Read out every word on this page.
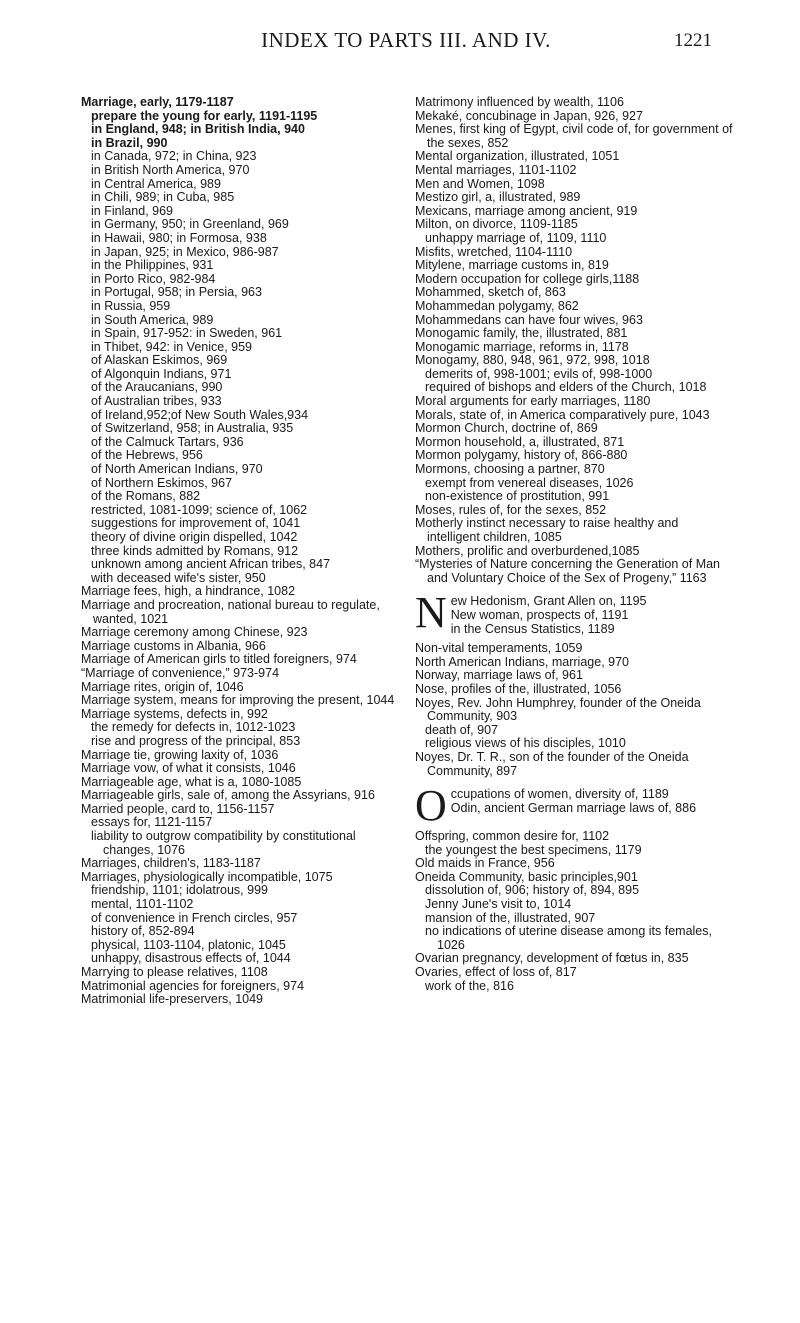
INDEX TO PARTS III. AND IV.	1221

Marriage, early, 1179-1187

prepare the young for early, 1191-1195

in England, 948; in British India, 940

in Brazil, 990

in Canada, 972; in China, 923

in British North America, 970

in Central America, 989

in Chili, 989; in Cuba, 985

in Finland, 969

in Germany, 950; in Greenland, 969

in Hawaii, 980; in Formosa, 938

in Japan, 925; in Mexico, 986-987

in the Philippines, 931

in Porto Rico, 982-984

in Portugal, 958; in Persia, 963

in Russia, 959

in South America, 989

in Spain, 917-952: in Sweden, 961

in Thibet, 942: in Venice, 959

of Alaskan Eskimos, 969

of Algonquin Indians, 971

of the Araucanians, 990

of Australian tribes, 933

of Ireland,952;of New South Wales,934

of Switzerland, 958; in Australia, 935

of the Calmuck Tartars, 936

of the Hebrews, 956

of North American Indians, 970

of Northern Eskimos, 967

of the Romans, 882

restricted, 1081-1099; science of, 1062

suggestions for improvement of, 1041

theory of divine origin dispelled, 1042

three kinds admitted by Romans, 912

unknown among ancient African tribes, 847

with deceased wife's sister, 950

Marriage fees, high, a hindrance, 1082

Marriage and procreation, national bureau to regulate, wanted, 1021

Marriage ceremony among Chinese, 923

Marriage customs in Albania, 966

Marriage of American girls to titled foreigners, 974

“Marriage of convenience,” 973-974

Marriage rites, origin of, 1046

Marriage system, means for improving the present, 1044

Marriage systems, defects in, 992

the remedy for defects in, 1012-1023

rise and progress of the principal, 853

Marriage tie, growing laxity of, 1036

Marriage vow, of what it consists, 1046

Marriageable age, what is a, 1080-1085

Marriageable girls, sale of, among the Assyrians, 916

Married people, card to, 1156-1157

essays for, 1121-1157

liability to outgrow compatibility by constitutional changes, 1076

Marriages, children's, 1183-1187

Marriages, physiologically incompatible, 1075

friendship, 1101; idolatrous, 999

mental, 1101-1102

of convenience in French circles, 957

history of, 852-894

physical, 1103-1104, platonic, 1045

unhappy, disastrous effects of, 1044

Marrying to please relatives, 1108

Matrimonial agencies for foreigners, 974

Matrimonial life-preservers, 1049

Matrimony influenced by wealth, 1106

Mekaké, concubinage in Japan, 926, 927

Menes, first king of Egypt, civil code of, for government of the sexes, 852

Mental organization, illustrated, 1051

Mental marriages, 1101-1102

Men and Women, 1098

Mestizo girl, a, illustrated, 989

Mexicans, marriage among ancient, 919

Milton, on divorce, 1109-1185

unhappy marriage of, 1109, 1110

Misfits, wretched, 1104-1110

Mitylene, marriage customs in, 819

Modern occupation for college girls,1188

Mohammed, sketch of, 863

Mohammedan polygamy, 862

Mohammedans can have four wives, 963

Monogamic family, the, illustrated, 881

Monogamic marriage, reforms in, 1178

Monogamy, 880, 948, 961, 972, 998, 1018

demerits of, 998-1001; evils of, 998-1000

required of bishops and elders of the Church, 1018

Moral arguments for early marriages, 1180

Morals, state of, in America comparatively pure, 1043

Mormon Church, doctrine of, 869

Mormon household, a, illustrated, 871

Mormon polygamy, history of, 866-880

Mormons, choosing a partner, 870

exempt from venereal diseases, 1026

non-existence of prostitution, 991

Moses, rules of, for the sexes, 852

Motherly instinct necessary to raise healthy and intelligent children, 1085

Mothers, prolific and overburdened,1085

“Mysteries of Nature concerning the Generation of Man and Voluntary Choice of the Sex of Progeny,” 1163

N ew Hedonism, Grant Allen on, 1195

New woman, prospects of, 1191

in the Census Statistics, 1189

Non-vital temperaments, 1059

North American Indians, marriage, 970

Norway, marriage laws of, 961

Nose, profiles of the, illustrated, 1056

Noyes, Rev. John Humphrey, founder of the Oneida Community, 903

death of, 907

religious views of his disciples, 1010

Noyes, Dr. T. R., son of the founder of the Oneida Community, 897

O ccupations of women, diversity of, 1189

Odin, ancient German marriage laws of, 886

Offspring, common desire for, 1102

the youngest the best specimens, 1179

Old maids in France, 956

Oneida Community, basic principles,901

dissolution of, 906; history of, 894, 895

Jenny June's visit to, 1014

mansion of the, illustrated, 907

no indications of uterine disease among its females, 1026

Ovarian pregnancy, development of fœtus in, 835

Ovaries, effect of loss of, 817

work of the, 816
